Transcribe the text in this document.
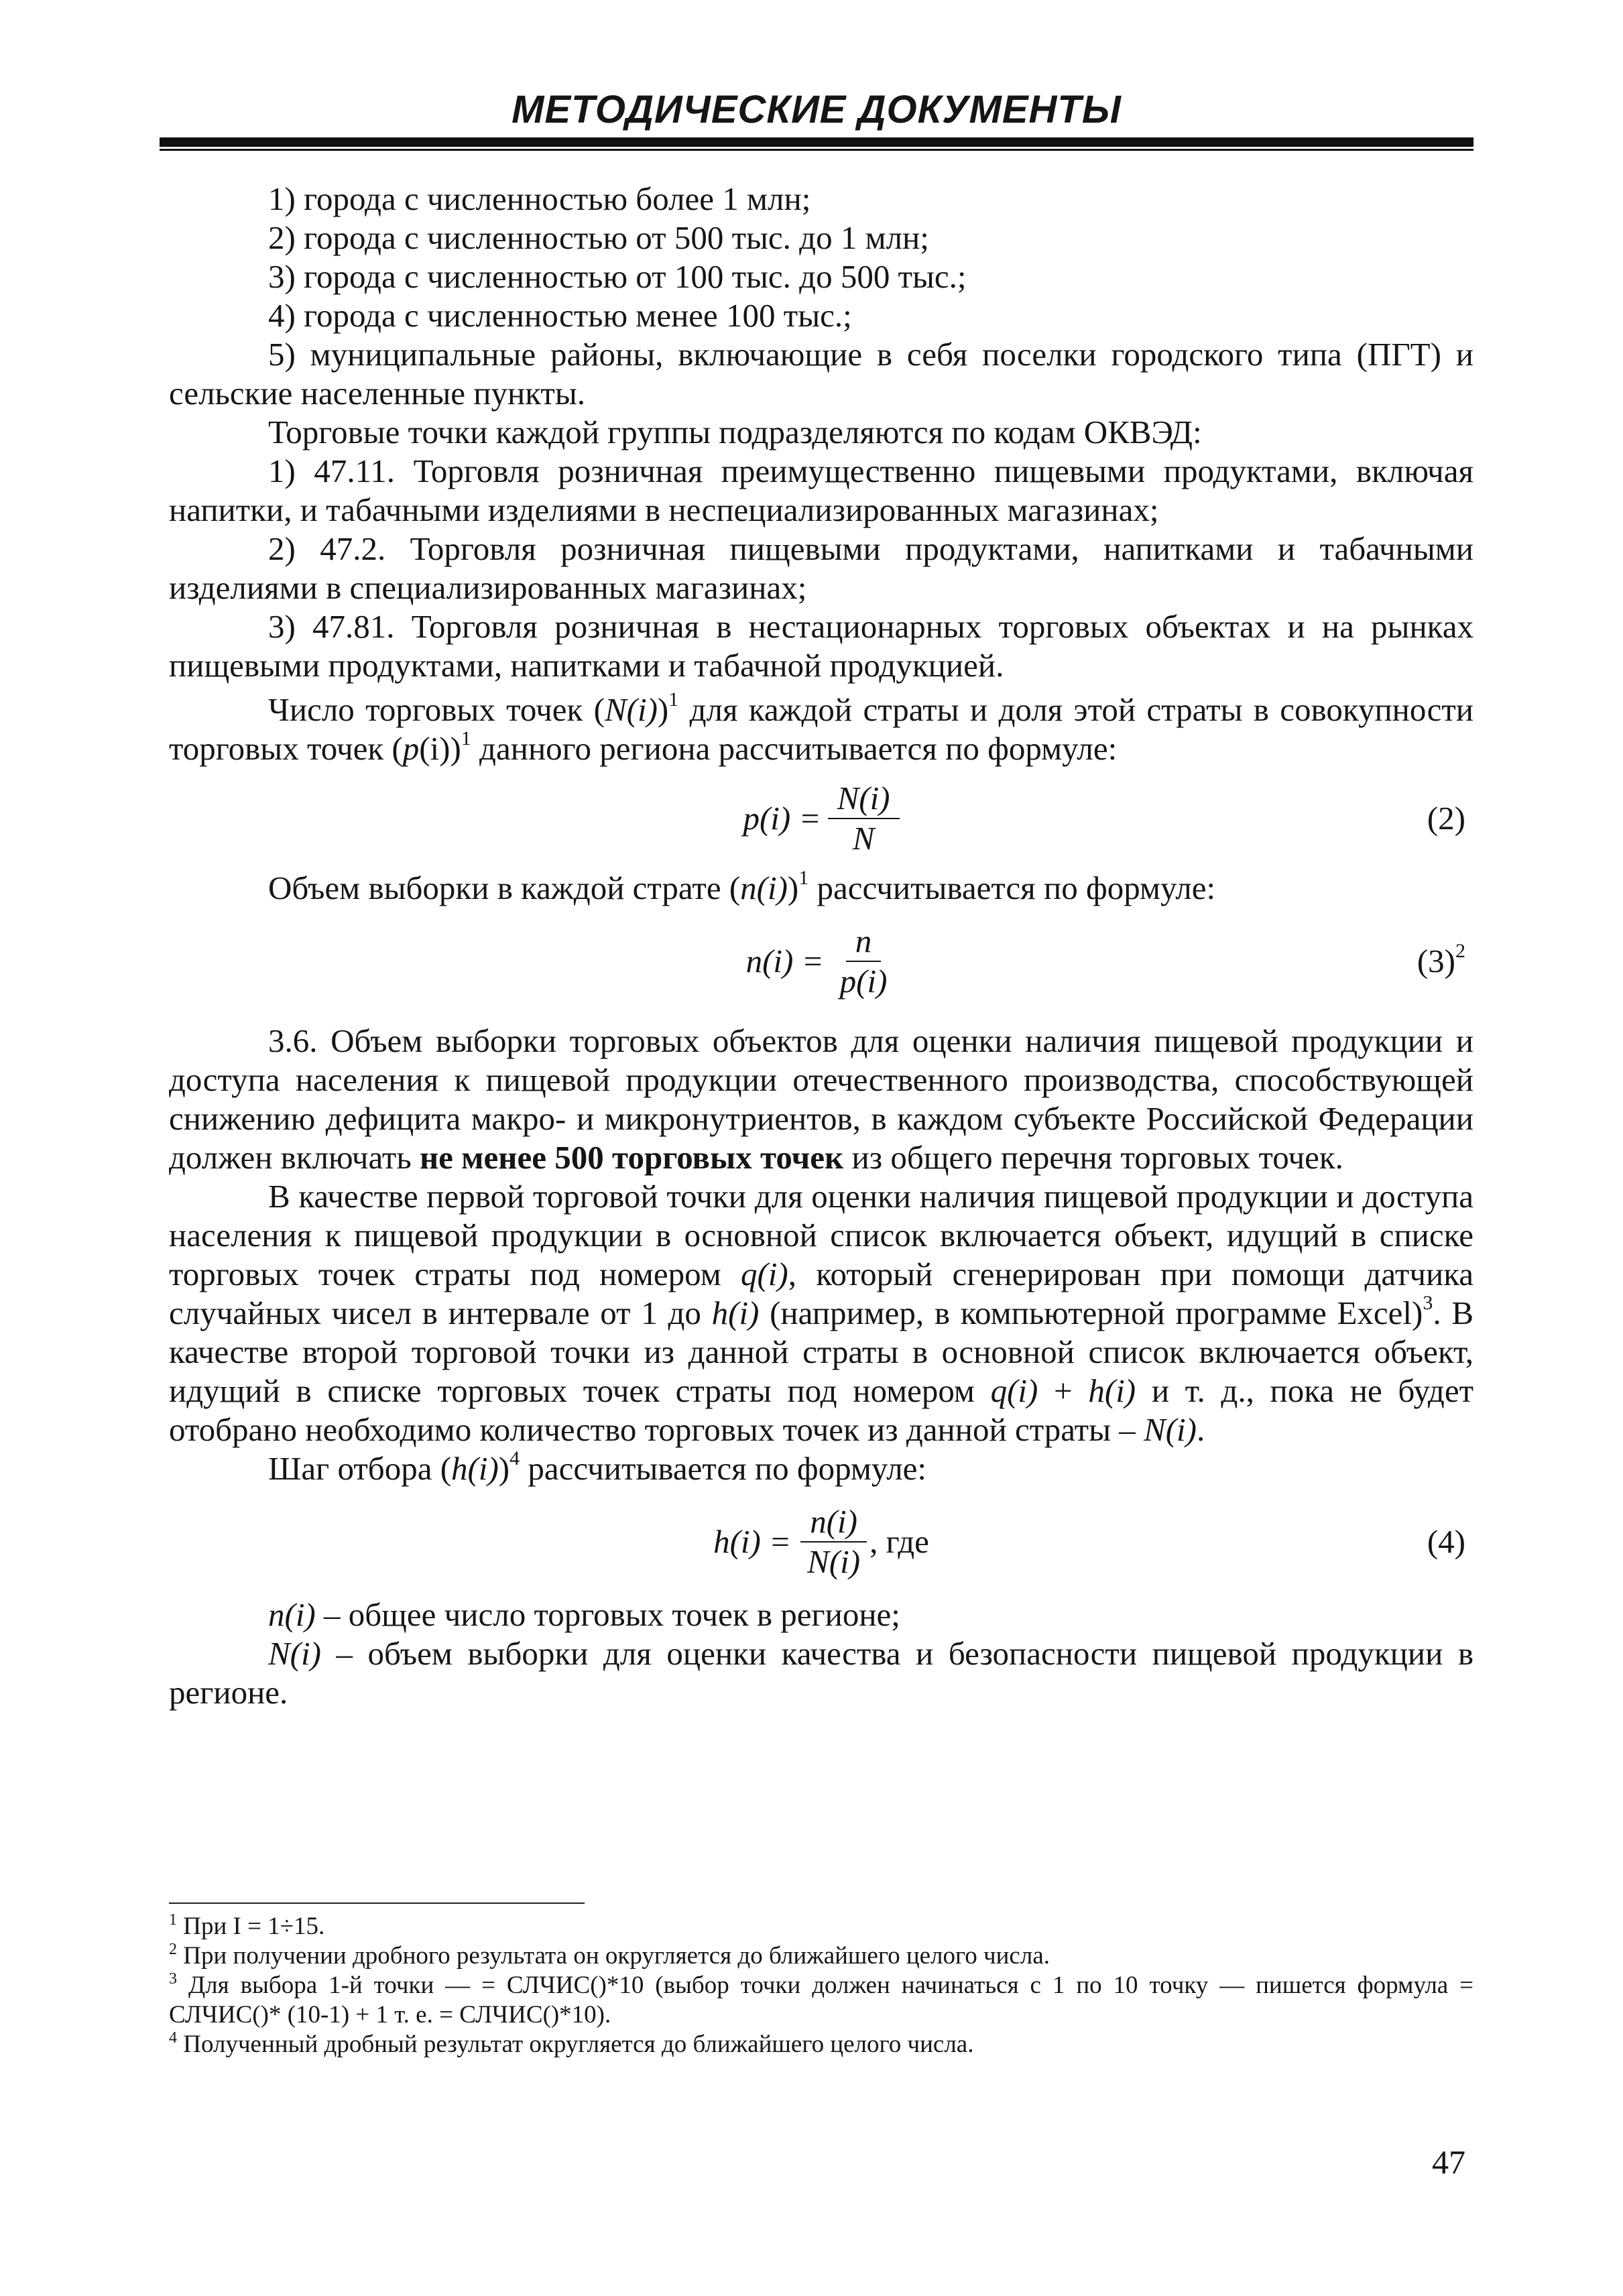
МЕТОДИЧЕСКИЕ ДОКУМЕНТЫ

1) города с численностью более 1 млн;

2) города с численностью от 500 тыс. до 1 млн;

3) города с численностью от 100 тыс. до 500 тыс.;

4) города с численностью менее 100 тыс.;

5) муниципальные районы, включающие в себя поселки городского типа (ПГТ) и сельские населенные пункты.

Торговые точки каждой группы подразделяются по кодам ОКВЭД:

1) 47.11. Торговля розничная преимущественно пищевыми продуктами, включая напитки, и табачными изделиями в неспециализированных магазинах;

2) 47.2. Торговля розничная пищевыми продуктами, напитками и табачными изделиями в специализированных магазинах;

3) 47.81. Торговля розничная в нестационарных торговых объектах и на рынках пищевыми продуктами, напитками и табачной продукцией.

Число торговых точек $(N(i))^1$ для каждой страты и доля этой страты в совокупности торговых точек $(p(i))^1$ данного региона рассчитывается по формуле:

$p(i) = \frac{N(i)}{N}$	(2)

Объем выборки в каждой страте $(n(i))^1$ рассчитывается по формуле:

$n(i) = \frac{n}{p(i)}$	$(3)^2$

3.6. Объем выборки торговых объектов для оценки наличия пищевой продукции и доступа населения к пищевой продукции отечественного производства, способствующей снижению дефицита макро- и микронутриентов, в каждом субъекте Российской Федерации должен включать не менее 500 торговых точек из общего перечня торговых точек.

В качестве первой торговой точки для оценки наличия пищевой продукции и доступа населения к пищевой продукции в основной список включается объект, идущий в списке торговых точек страты под номером q(i), который сгенерирован при помощи датчика случайных чисел в интервале от 1 до h(i) (например, в компьютерной программе Excel)$^3$. В качестве второй торговой точки из данной страты в основной список включается объект, идущий в списке торговых точек страты под номером q(i) + h(i) и т. д., пока не будет отобрано необходимо количество торговых точек из данной страты – N(i).

Шаг отбора $(h(i))^4$ рассчитывается по формуле:

$h(i) = \frac{n(i)}{N(i)}$ , где	(4)

n(i) – общее число торговых точек в регионе;

N(i) – объем выборки для оценки качества и безопасности пищевой продукции в регионе.

$^1$ При I = 1÷15.

$^2$ При получении дробного результата он округляется до ближайшего целого числа.

$^3$ Для выбора 1-й точки — = СЛЧИС()*10 (выбор точки должен начинаться с 1 по 10 точку — пишется формула = СЛЧИС()* (10-1) + 1 т. е. = СЛЧИС()*10).

$^4$ Полученный дробный результат округляется до ближайшего целого числа.

47
